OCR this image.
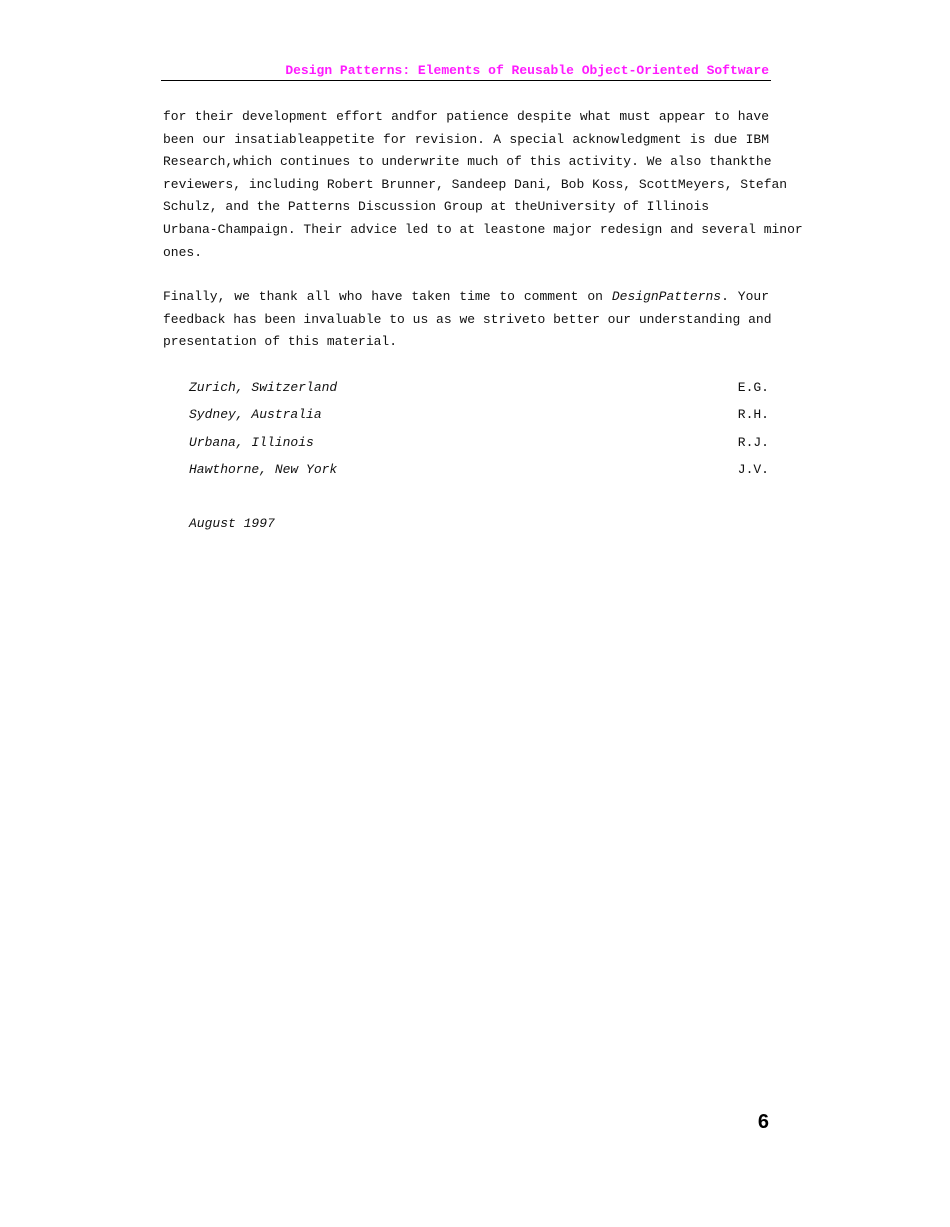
Design Patterns: Elements of Reusable Object-Oriented Software
for their development effort andfor patience despite what must appear to have
been our insatiableappetite for revision. A special acknowledgment is due IBM
Research,which continues to underwrite much of this activity. We also thankthe
reviewers, including Robert Brunner, Sandeep Dani, Bob Koss, ScottMeyers, Stefan
Schulz, and the Patterns Discussion Group at theUniversity of Illinois
Urbana-Champaign. Their advice led to at leastone major redesign and several minor
ones.
Finally, we thank all who have taken time to comment on DesignPatterns. Your
feedback has been invaluable to us as we striveto better our understanding and
presentation of this material.
Zurich, Switzerland	E.G.
Sydney, Australia	R.H.
Urbana, Illinois	R.J.
Hawthorne, New York	J.V.
August 1997
6
